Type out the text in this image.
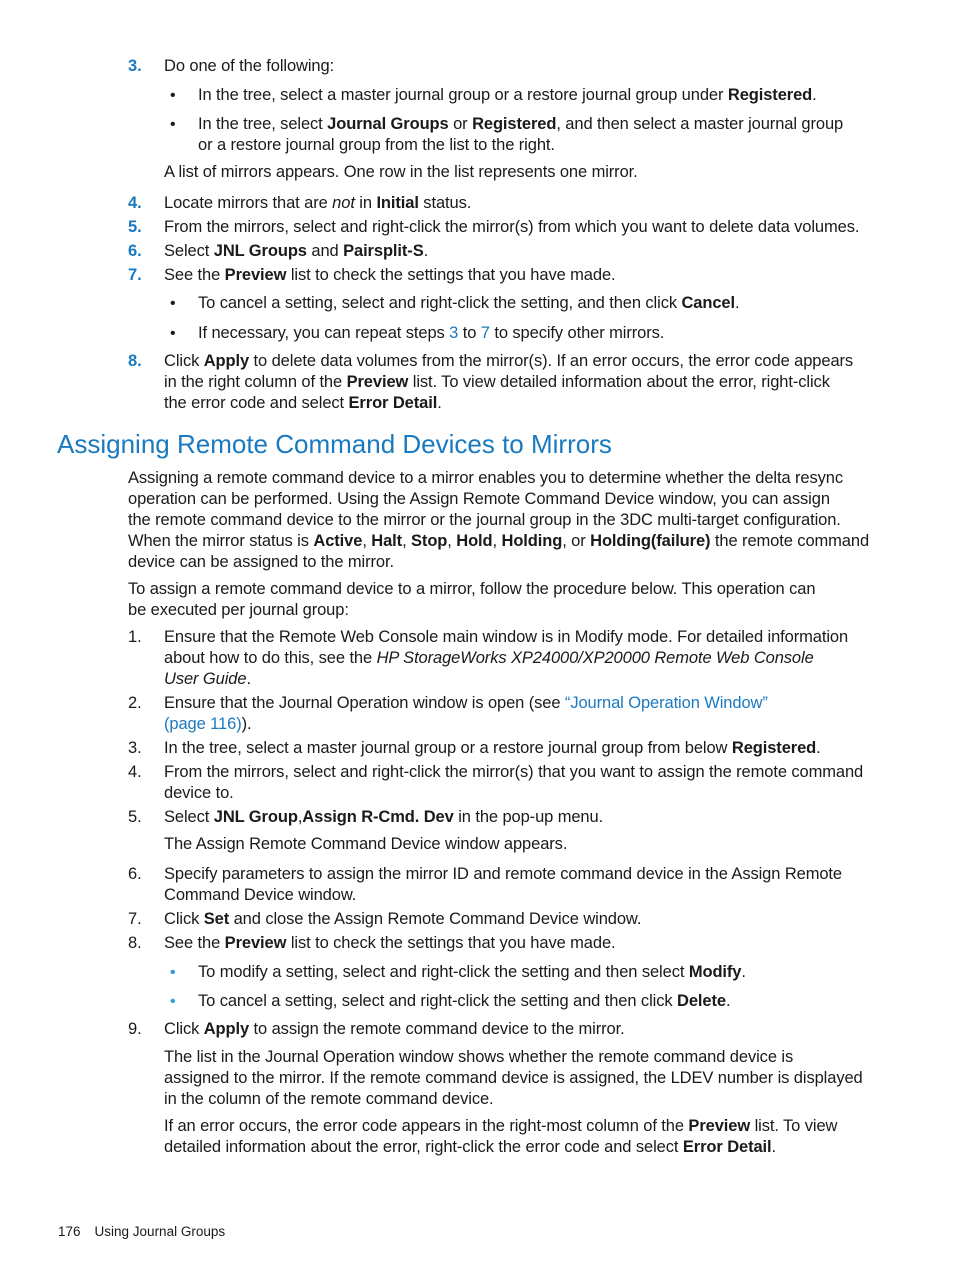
3. Do one of the following:
• In the tree, select a master journal group or a restore journal group under Registered.
• In the tree, select Journal Groups or Registered, and then select a master journal group
or a restore journal group from the list to the right.
A list of mirrors appears. One row in the list represents one mirror.
4. Locate mirrors that are not in Initial status.
5. From the mirrors, select and right-click the mirror(s) from which you want to delete data volumes.
6. Select JNL Groups and Pairsplit-S.
7. See the Preview list to check the settings that you have made.
• To cancel a setting, select and right-click the setting, and then click Cancel.
• If necessary, you can repeat steps 3 to 7 to specify other mirrors.
8. Click Apply to delete data volumes from the mirror(s). If an error occurs, the error code appears
in the right column of the Preview list. To view detailed information about the error, right-click
the error code and select Error Detail.
Assigning Remote Command Devices to Mirrors
Assigning a remote command device to a mirror enables you to determine whether the delta resync
operation can be performed. Using the Assign Remote Command Device window, you can assign
the remote command device to the mirror or the journal group in the 3DC multi-target configuration.
When the mirror status is Active, Halt, Stop, Hold, Holding, or Holding(failure) the remote command
device can be assigned to the mirror.
To assign a remote command device to a mirror, follow the procedure below. This operation can
be executed per journal group:
1. Ensure that the Remote Web Console main window is in Modify mode. For detailed information
about how to do this, see the HP StorageWorks XP24000/XP20000 Remote Web Console
User Guide.
2. Ensure that the Journal Operation window is open (see “Journal Operation Window”
(page 116)).
3. In the tree, select a master journal group or a restore journal group from below Registered.
4. From the mirrors, select and right-click the mirror(s) that you want to assign the remote command
device to.
5. Select JNL Group,Assign R-Cmd. Dev in the pop-up menu.
The Assign Remote Command Device window appears.
6. Specify parameters to assign the mirror ID and remote command device in the Assign Remote
Command Device window.
7. Click Set and close the Assign Remote Command Device window.
8. See the Preview list to check the settings that you have made.
• To modify a setting, select and right-click the setting and then select Modify.
• To cancel a setting, select and right-click the setting and then click Delete.
9. Click Apply to assign the remote command device to the mirror.
The list in the Journal Operation window shows whether the remote command device is
assigned to the mirror. If the remote command device is assigned, the LDEV number is displayed
in the column of the remote command device.
If an error occurs, the error code appears in the right-most column of the Preview list. To view
detailed information about the error, right-click the error code and select Error Detail.
176 Using Journal Groups
